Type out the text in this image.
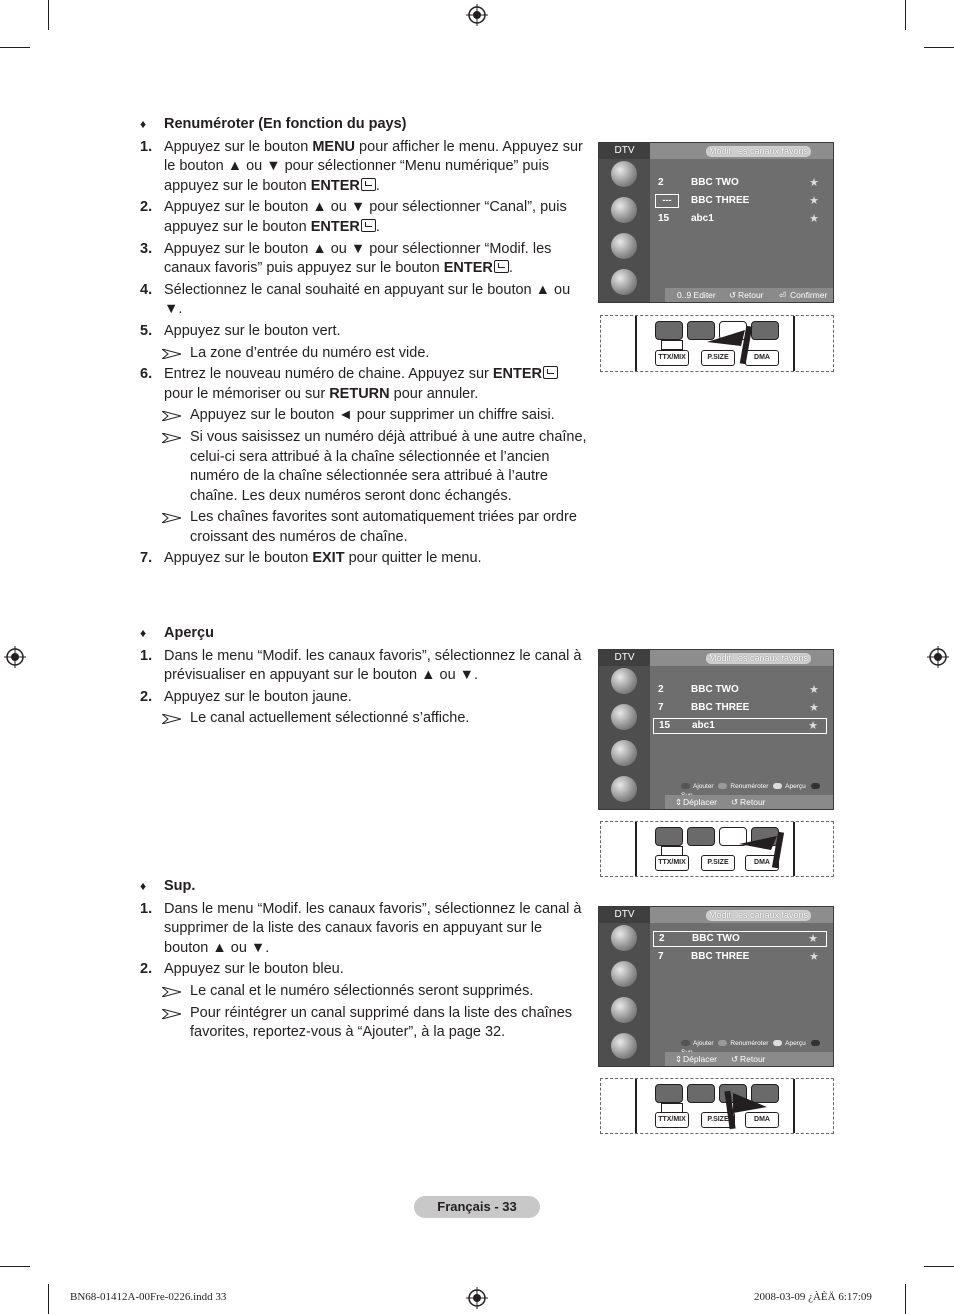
♦ Renuméroter (En fonction du pays)
1. Appuyez sur le bouton MENU pour afficher le menu. Appuyez sur le bouton ▲ ou ▼ pour sélectionner “Menu numérique” puis appuyez sur le bouton ENTER .
2. Appuyez sur le bouton ▲ ou ▼ pour sélectionner “Canal”, puis appuyez sur le bouton ENTER .
3. Appuyez sur le bouton ▲ ou ▼ pour sélectionner “Modif. les canaux favoris” puis appuyez sur le bouton ENTER .
4. Sélectionnez le canal souhaité en appuyant sur le bouton ▲ ou ▼.
5. Appuyez sur le bouton vert.
La zone d’entrée du numéro est vide.
6. Entrez le nouveau numéro de chaine. Appuyez sur ENTER pour le mémoriser ou sur RETURN pour annuler.
Appuyez sur le bouton ◄ pour supprimer un chiffre saisi.
Si vous saisissez un numéro déjà attribué à une autre chaîne, celui-ci sera attribué à la chaîne sélectionnée et l’ancien numéro de la chaîne sélectionnée sera attribué à l’autre chaîne. Les deux numéros seront donc échangés.
Les chaînes favorites sont automatiquement triées par ordre croissant des numéros de chaîne.
7. Appuyez sur le bouton EXIT pour quitter le menu.
♦ Aperçu
1. Dans le menu “Modif. les canaux favoris”, sélectionnez le canal à prévisualiser en appuyant sur le bouton ▲ ou ▼.
2. Appuyez sur le bouton jaune.
Le canal actuellement sélectionné s’affiche.
♦ Sup.
1. Dans le menu “Modif. les canaux favoris”, sélectionnez le canal à supprimer de la liste des canaux favoris en appuyant sur le bouton ▲ ou ▼.
2. Appuyez sur le bouton bleu.
Le canal et le numéro sélectionnés seront supprimés.
Pour réintégrer un canal supprimé dans la liste des chaînes favorites, reportez-vous à “Ajouter”, à la page 32.
DTV	Modif. les canaux favoris
2	BBC TWO	★
---	BBC THREE	★
15 abc1	★
0..9 Editer ↺ Retour ⏎ Confirmer
TTX/MIX	P.SIZE	DMA
DTV	Modif. les canaux favoris
2	BBC TWO	★
7	BBC THREE	★
15 abc1	★
Ajouter	Renuméroter	Aperçu
⇕ Déplacer ↺ Retour
TTX/MIX	P.SIZE	DMA
DTV	Modif. les canaux favoris
2	BBC TWO	★
7	BBC THREE	★
Ajouter	Renuméroter	Aperçu
⇕ Déplacer ↺ Retour
TTX/MIX	P.SIZE	DMA
Français - 33
BN68-01412A-00Fre-0226.indd 33	2008-03-09 ¿ÀÈÄ 6:17:09
